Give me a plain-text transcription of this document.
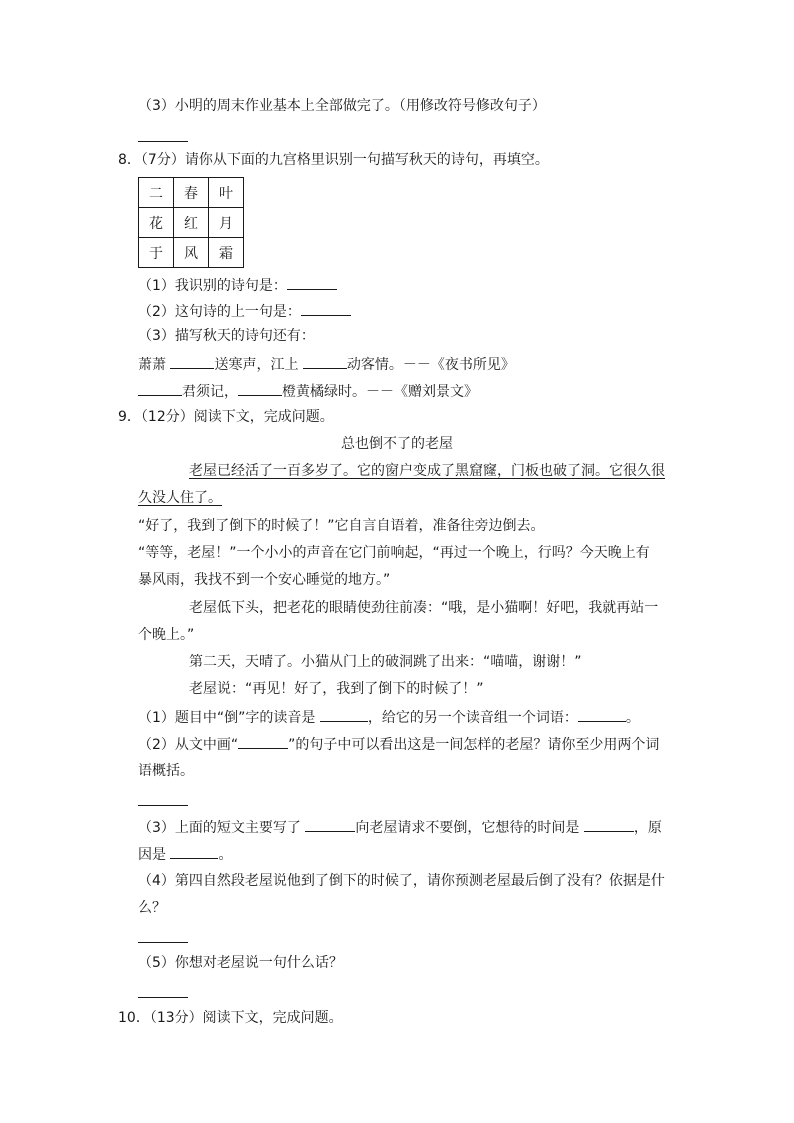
（3）小明的周末作业基本上全部做完了。（用修改符号修改句子）
8．（7分）请你从下面的九宫格里识别一句描写秋天的诗句，再填空。
二	春	叶
花	红	月
于	风	霜
（1）我识别的诗句是：
（2）这句诗的上一句是：
（3）描写秋天的诗句还有：
萧萧	送寒声，江上	动客情。－－《夜书所见》
君须记，	橙黄橘绿时。－－《赠刘景文》
9．（12分）阅读下文，完成问题。
总也倒不了的老屋
老屋已经活了一百多岁了。它的窗户变成了黑窟窿，门板也破了洞。它很久很
久没人住了。
“好了，我到了倒下的时候了！”它自言自语着，准备往旁边倒去。
“等等，老屋！”一个小小的声音在它门前响起，“再过一个晚上，行吗？今天晚上有
暴风雨，我找不到一个安心睡觉的地方。”
老屋低下头，把老花的眼睛使劲往前凑：“哦，是小猫啊！好吧，我就再站一
个晚上。”
第二天，天晴了。小猫从门上的破洞跳了出来：“喵喵，谢谢！”
老屋说：“再见！好了，我到了倒下的时候了！”
（1）题目中“倒”字的读音是	，给它的另一个读音组一个词语：	。
（2）从文中画“	”的句子中可以看出这是一间怎样的老屋？请你至少用两个词
语概括。
（3）上面的短文主要写了	向老屋请求不要倒，它想待的时间是	，原
因是	。
（4）第四自然段老屋说他到了倒下的时候了，请你预测老屋最后倒了没有？依据是什
么？
（5）你想对老屋说一句什么话？
10．（13分）阅读下文，完成问题。
